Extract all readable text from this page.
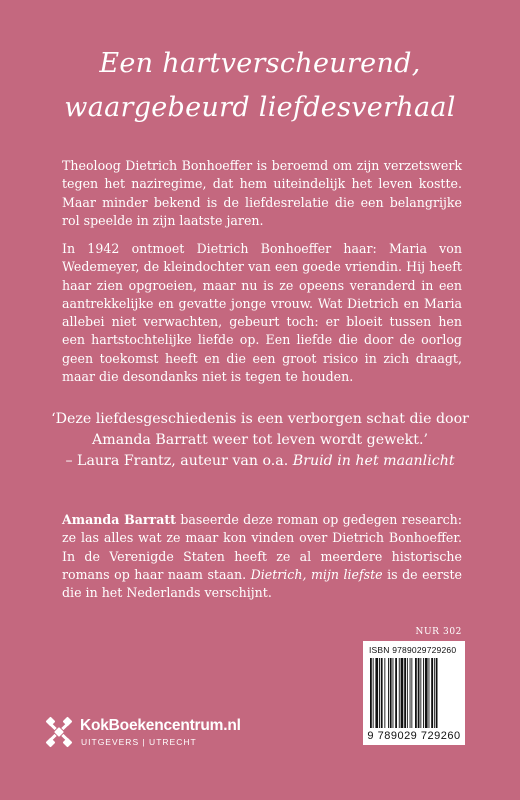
Een hartverscheurend,
waargebeurd liefdesverhaal

Theoloog Dietrich Bonhoeffer is beroemd om zijn verzetswerk tegen het naziregime, dat hem uiteindelijk het leven kostte. Maar minder bekend is de liefdesrelatie die een belangrijke rol speelde in zijn laatste jaren.

In 1942 ontmoet Dietrich Bonhoeffer haar: Maria von Wedemeyer, de kleindochter van een goede vriendin. Hij heeft haar zien opgroeien, maar nu is ze opeens veranderd in een aantrekkelijke en gevatte jonge vrouw. Wat Dietrich en Maria allebei niet verwachten, gebeurt toch: er bloeit tussen hen een hartstochtelijke liefde op. Een liefde die door de oorlog geen toekomst heeft en die een groot risico in zich draagt, maar die desondanks niet is tegen te houden.

‘Deze liefdesgeschiedenis is een verborgen schat die door
Amanda Barratt weer tot leven wordt gewekt.’
– Laura Frantz, auteur van o.a. Bruid in het maanlicht

Amanda Barratt baseerde deze roman op gedegen research: ze las alles wat ze maar kon vinden over Dietrich Bonhoeffer. In de Verenigde Staten heeft ze al meerdere historische romans op haar naam staan. Dietrich, mijn liefste is de eerste die in het Nederlands verschijnt.

NUR 302
ISBN 9789029729260
9 789029 729260
KokBoekencentrum.nl
UITGEVERS | UTRECHT
